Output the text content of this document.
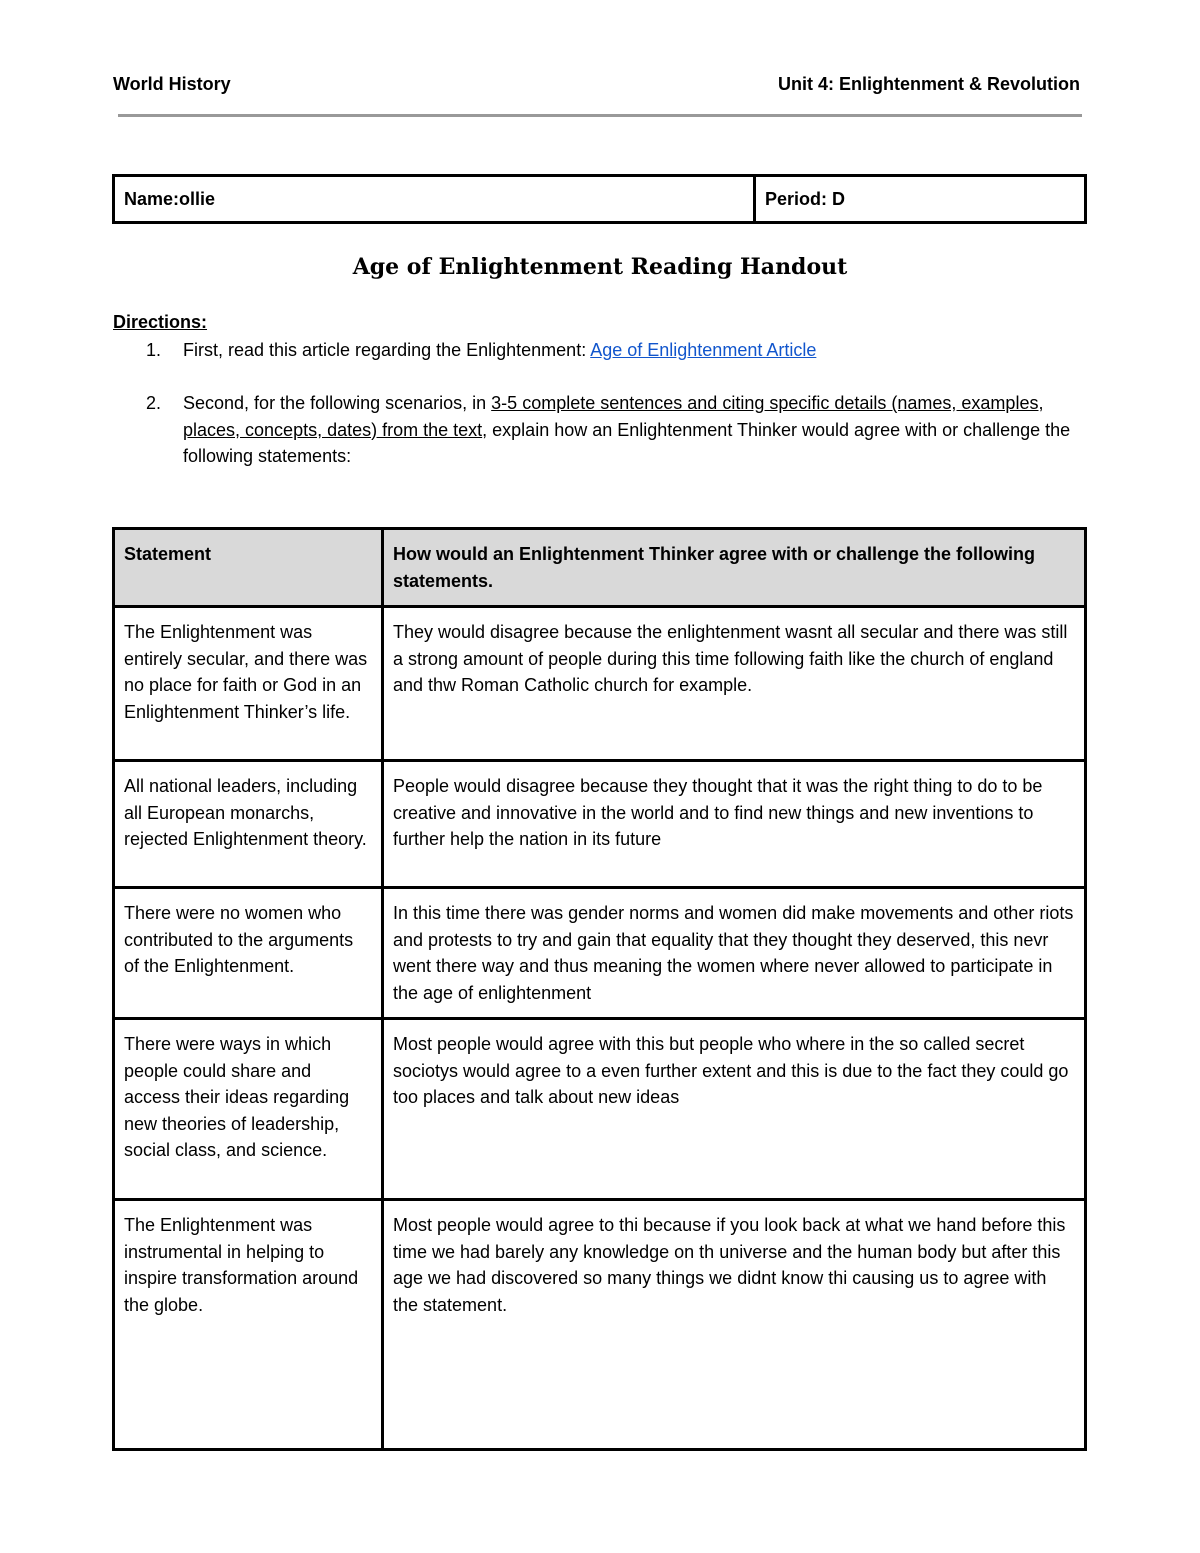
World History	Unit 4: Enlightenment & Revolution
Name:ollie	Period: D
Age of Enlightenment Reading Handout
Directions:
1. First, read this article regarding the Enlightenment: Age of Enlightenment Article
2. Second, for the following scenarios, in 3-5 complete sentences and citing specific details (names, examples, places, concepts, dates) from the text, explain how an Enlightenment Thinker would agree with or challenge the following statements:
Statement	How would an Enlightenment Thinker agree with or challenge the following statements.
The Enlightenment was entirely secular, and there was no place for faith or God in an Enlightenment Thinker’s life.	They would disagree because the enlightenment wasnt all secular and there was still a strong amount of people during this time following faith like the church of england and thw Roman Catholic church for example.
All national leaders, including all European monarchs, rejected Enlightenment theory.	People would disagree because they thought that it was the right thing to do to be creative and innovative in the world and to find new things and new inventions to further help the nation in its future
There were no women who contributed to the arguments of the Enlightenment.	In this time there was gender norms and women did make movements and other riots and protests to try and gain that equality that they thought they deserved, this nevr went there way and thus meaning the women where never allowed to participate in the age of enlightenment
There were ways in which people could share and access their ideas regarding new theories of leadership, social class, and science.	Most people would agree with this but people who where in the so called secret sociotys would agree to a even further extent and this is due to the fact they could go too places and talk about new ideas
The Enlightenment was instrumental in helping to inspire transformation around the globe.	Most people would agree to thi because if you look back at what we hand before this time we had barely any knowledge on th universe and the human body but after this age we had discovered so many things we didnt know thi causing us to agree with the statement.
